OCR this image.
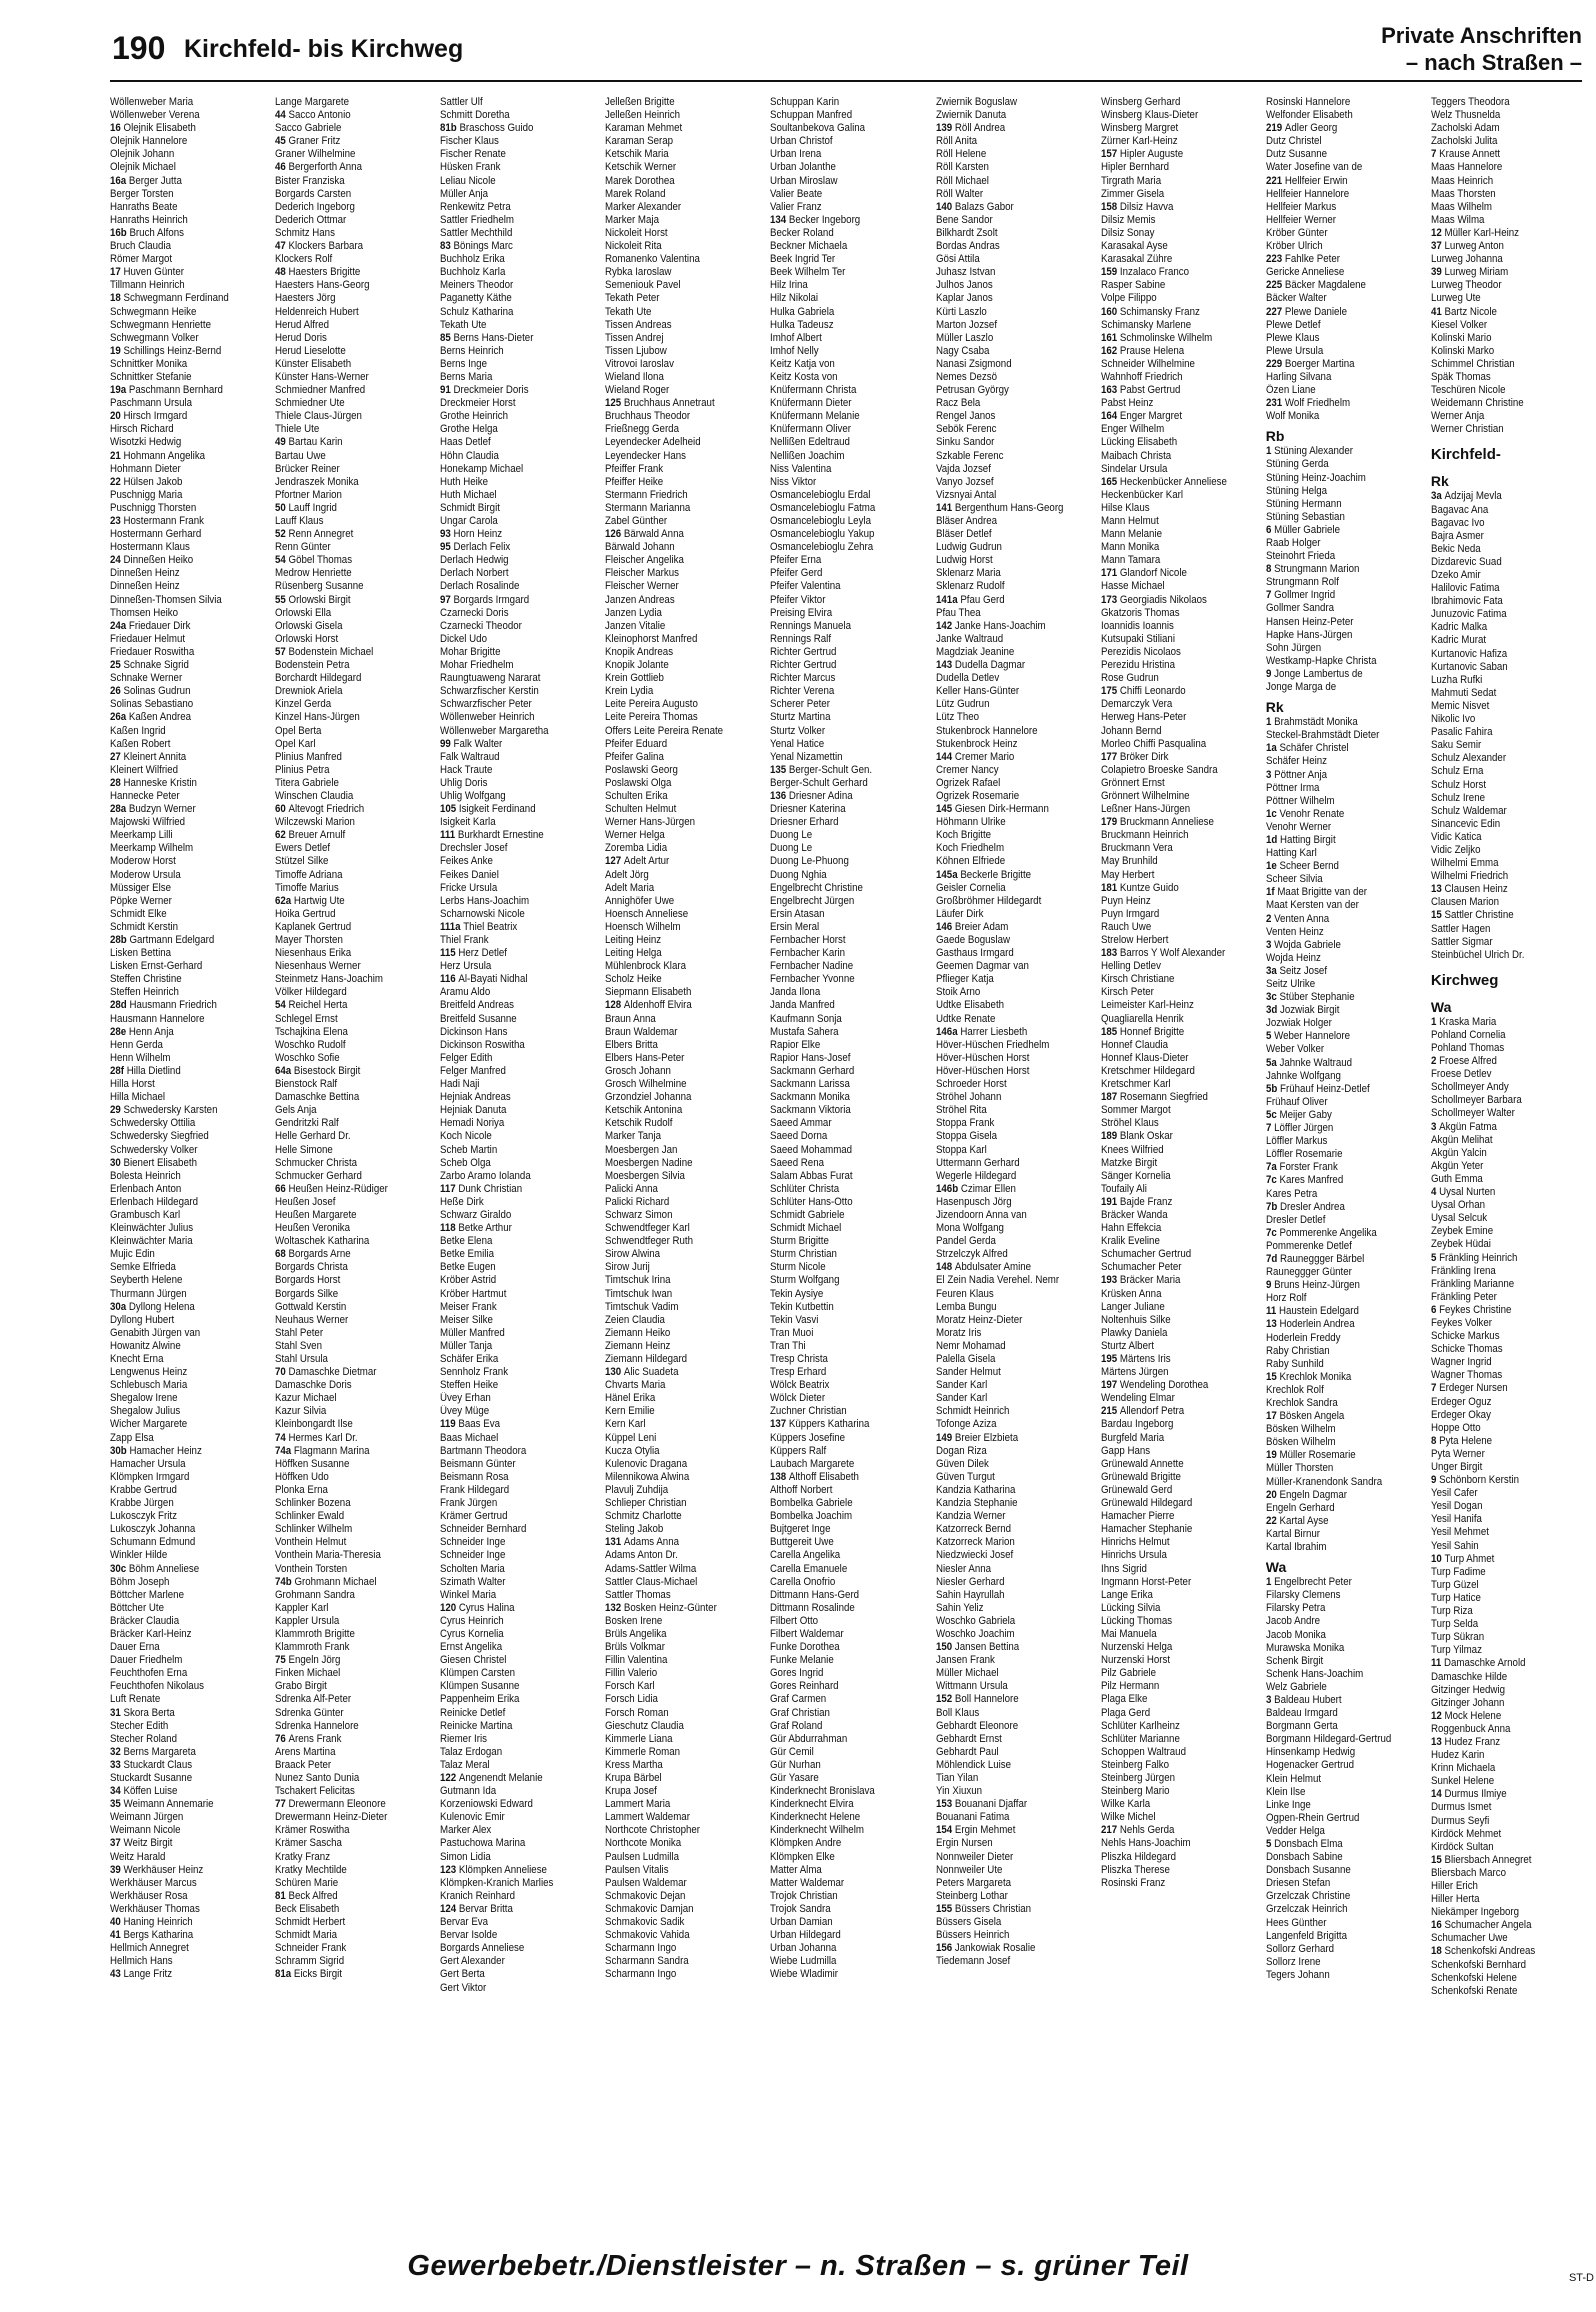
190 Kirchfeld- bis Kirchweg	Private Anschriften
– nach Straßen –
Wöllenweber Maria
Wöllenweber Verena
16 Olejnik Elisabeth
Olejnik Hannelore
Olejnik Johann
Olejnik Michael
16a Berger Jutta
Berger Torsten
Hanraths Beate
Hanraths Heinrich
16b Bruch Alfons
Bruch Claudia
Römer Margot
17 Huven Günter
Tillmann Heinrich
18 Schwegmann Ferdinand
Schwegmann Heike
Schwegmann Henriette
Schwegmann Volker
19 Schillings Heinz-Bernd
Schnittker Monika
Schnittker Stefanie
19a Paschmann Bernhard
Paschmann Ursula
20 Hirsch Irmgard
Hirsch Richard
Wisotzki Hedwig
21 Hohmann Angelika
Hohmann Dieter
22 Hülsen Jakob
Puschnigg Maria
Puschnigg Thorsten
23 Hostermann Frank
Hostermann Gerhard
Hostermann Klaus
24 Dinneßen Heiko
Dinneßen Heinz
Dinneßen Heinz
Dinneßen-Thomsen Silvia
Thomsen Heiko
24a Friedauer Dirk
Friedauer Helmut
Friedauer Roswitha
25 Schnake Sigrid
Schnake Werner
26 Solinas Gudrun
Solinas Sebastiano
26a Kaßen Andrea
Kaßen Ingrid
Kaßen Robert
27 Kleinert Annita
Kleinert Wilfried
28 Hanneske Kristin
Hannecke Peter
28a Budzyn Werner
Majowski Wilfried
Meerkamp Lilli
Meerkamp Wilhelm
Moderow Horst
Moderow Ursula
Müssiger Else
Pöpke Werner
Schmidt Elke
Schmidt Kerstin
28b Gartmann Edelgard
Lisken Bettina
Lisken Ernst-Gerhard
Steffen Christine
Steffen Heinrich
28d Hausmann Friedrich
Hausmann Hannelore
28e Henn Anja
Henn Gerda
Henn Wilhelm
28f Hilla Dietlind
Hilla Horst
Hilla Michael
29 Schwedersky Karsten
Schwedersky Ottilia
Schwedersky Siegfried
Schwedersky Volker
30 Bienert Elisabeth
Bolesta Heinrich
Erlenbach Anton
Erlenbach Hildegard
Grambusch Karl
Kleinwächter Julius
Kleinwächter Maria
Mujic Edin
Semke Elfrieda
Seyberth Helene
Thurmann Jürgen
30a Dyllong Helena
Dyllong Hubert
Genabith Jürgen van
Howanitz Alwine
Knecht Erna
Lengwenus Heinz
Schlebusch Maria
Shegalow Irene
Shegalow Julius
Wicher Margarete
Zapp Elsa
30b Hamacher Heinz
Hamacher Ursula
Klömpken Irmgard
Krabbe Gertrud
Krabbe Jürgen
Lukosczyk Fritz
Lukosczyk Johanna
Schumann Edmund
Winkler Hilde
30c Böhm Anneliese
Böhm Joseph
Böttcher Marlene
Böttcher Ute
Bräcker Claudia
Bräcker Karl-Heinz
Dauer Erna
Dauer Friedhelm
Feuchthofen Erna
Feuchthofen Nikolaus
Luft Renate
31 Skora Berta
Stecher Edith
Stecher Roland
32 Berns Margareta
33 Stuckardt Claus
Stuckardt Susanne
34 Köffen Luise
35 Weimann Annemarie
Weimann Jürgen
Weimann Nicole
37 Weitz Birgit
Weitz Harald
39 Werkhäuser Heinz
Werkhäuser Marcus
Werkhäuser Rosa
Werkhäuser Thomas
40 Haning Heinrich
41 Bergs Katharina
Hellmich Annegret
Hellmich Hans
43 Lange Fritz
Lange Margarete
44 Sacco Antonio
Sacco Gabriele
45 Graner Fritz
Graner Wilhelmine
46 Bergerforth Anna
Bister Franziska
Borgards Carsten
Dederich Ingeborg
Dederich Ottmar
Schmitz Hans
47 Klockers Barbara
Klockers Rolf
48 Haesters Brigitte
Haesters Hans-Georg
Haesters Jörg
Heldenreich Hubert
Herud Alfred
Herud Doris
Herud Lieselotte
Künster Elisabeth
Künster Hans-Werner
Schmiedner Manfred
Schmiedner Ute
Thiele Claus-Jürgen
Thiele Ute
49 Bartau Karin
Bartau Uwe
Brücker Reiner
Jendraszek Monika
Pfortner Marion
50 Lauff Ingrid
Lauff Klaus
52 Renn Annegret
Renn Günter
54 Göbel Thomas
Medrow Henriette
Rüsenberg Susanne
55 Orlowski Birgit
Orlowski Ella
Orlowski Gisela
Orlowski Horst
57 Bodenstein Michael
Bodenstein Petra
Borchardt Hildegard
Drewniok Ariela
Kinzel Gerda
Kinzel Hans-Jürgen
Opel Berta
Opel Karl
Plinius Manfred
Plinius Petra
Titera Gabriele
Winschen Claudia
60 Altevogt Friedrich
Wilczewski Marion
62 Breuer Arnulf
Ewers Detlef
Stützel Silke
Timoffe Adriana
Timoffe Marius
62a Hartwig Ute
Hoika Gertrud
Kaplanek Gertrud
Mayer Thorsten
Niesenhaus Erika
Niesenhaus Werner
Steinmetz Hans-Joachim
Völker Hildegard
54 Reichel Herta
Schlegel Ernst
Tschajkina Elena
Woschko Rudolf
Woschko Sofie
64a Bisestock Birgit
Bienstock Ralf
Damaschke Bettina
Gels Anja
Gendritzki Ralf
Helle Gerhard Dr.
Helle Simone
Schmucker Christa
Schmucker Gerhard
66 Heußen Heinz-Rüdiger
Heußen Josef
Heußen Margarete
Heußen Veronika
Woltaschek Katharina
68 Borgards Arne
Borgards Christa
Borgards Horst
Borgards Silke
Gottwald Kerstin
Neuhaus Werner
Stahl Peter
Stahl Sven
Stahl Ursula
70 Damaschke Dietmar
Damaschke Doris
Kazur Michael
Kazur Silvia
Kleinbongardt Ilse
74 Hermes Karl Dr.
74a Flagmann Marina
Höffken Susanne
Höffken Udo
Plonka Erna
Schlinker Bozena
Schlinker Ewald
Schlinker Wilhelm
Vonthein Helmut
Vonthein Maria-Theresia
Vonthein Torsten
74b Grohmann Michael
Grohmann Sandra
Kappler Karl
Kappler Ursula
Klammroth Brigitte
Klammroth Frank
75 Engeln Jörg
Finken Michael
Grabo Birgit
Sdrenka Alf-Peter
Sdrenka Günter
Sdrenka Hannelore
76 Arens Frank
Arens Martina
Braack Peter
Nunez Santo Dunia
Tschakert Felicitas
77 Drewermann Eleonore
Drewermann Heinz-Dieter
Krämer Roswitha
Krämer Sascha
Kratky Franz
Kratky Mechtilde
Schüren Marie
81 Beck Alfred
Beck Elisabeth
Schmidt Herbert
Schmidt Maria
Schneider Frank
Schramm Sigrid
81a Eicks Birgit
Sattler Ulf
Schmitt Doretha
81b Braschoss Guido
Fischer Klaus
Fischer Renate
Hüsken Frank
Leliau Nicole
Müller Anja
Renkewitz Petra
Sattler Friedhelm
Sattler Mechthild
83 Bönings Marc
Buchholz Erika
Buchholz Karla
Meiners Theodor
Paganetty Käthe
Schulz Katharina
Tekath Ute
85 Berns Hans-Dieter
Berns Heinrich
Berns Inge
Berns Maria
91 Dreckmeier Doris
Dreckmeier Horst
Grothe Heinrich
Grothe Helga
Haas Detlef
Höhn Claudia
Honekamp Michael
Huth Heike
Huth Michael
Schmidt Birgit
Ungar Carola
93 Horn Heinz
95 Derlach Felix
Derlach Hedwig
Derlach Norbert
Derlach Rosalinde
97 Borgards Irmgard
Czarnecki Doris
Czarnecki Theodor
Dickel Udo
Mohar Brigitte
Mohar Friedhelm
Raungtuaweng Nararat
Schwarzfischer Kerstin
Schwarzfischer Peter
Wöllenweber Heinrich
Wöllenweber Margaretha
99 Falk Walter
Falk Waltraud
Hack Traute
Uhlig Doris
Uhlig Wolfgang
105 Isigkeit Ferdinand
Isigkeit Karla
111 Burkhardt Ernestine
Drechsler Josef
Feikes Anke
Feikes Daniel
Fricke Ursula
Lerbs Hans-Joachim
Scharnowski Nicole
111a Thiel Beatrix
Thiel Frank
115 Herz Detlef
Herz Ursula
116 Al-Bayati Nidhal
Aramu Aldo
Breitfeld Andreas
Breitfeld Susanne
Dickinson Hans
Dickinson Roswitha
Felger Edith
Felger Manfred
Hadi Naji
Hejniak Andreas
Hejniak Danuta
Hemadi Noriya
Koch Nicole
Scheb Martin
Scheb Olga
Zarbo Aramo Iolanda
117 Dunk Christian
Heße Dirk
Schwarz Giraldo
118 Betke Arthur
Betke Elena
Betke Emilia
Betke Eugen
Kröber Astrid
Kröber Hartmut
Meiser Frank
Meiser Silke
Müller Manfred
Müller Tanja
Schäfer Erika
Sennholz Frank
Steffen Heike
Üvey Erhan
Üvey Müge
119 Baas Eva
Baas Michael
Bartmann Theodora
Beismann Günter
Beismann Rosa
Frank Hildegard
Frank Jürgen
Krämer Gertrud
Schneider Bernhard
Schneider Inge
Schneider Inge
Scholten Maria
Szimath Walter
Winkel Maria
120 Cyrus Halina
Cyrus Heinrich
Cyrus Kornelia
Ernst Angelika
Giesen Christel
Klümpen Carsten
Klümpen Susanne
Pappenheim Erika
Reinicke Detlef
Reinicke Martina
Riemer Iris
Talaz Erdogan
Talaz Meral
122 Angenendt Melanie
Gutmann Ida
Korzeniowski Edward
Kulenovic Emir
Marker Alex
Pastuchowa Marina
Simon Lidia
123 Klömpken Anneliese
Klömpken-Kranich Marlies
Kranich Reinhard
124 Bervar Britta
Bervar Eva
Bervar Isolde
Borgards Anneliese
Gert Alexander
Gert Berta
Gert Viktor
Jelleßen Brigitte
Jelleßen Heinrich
Karaman Mehmet
Karaman Serap
Ketschik Maria
Ketschik Werner
Marek Dorothea
Marek Roland
Marker Alexander
Marker Maja
Nickoleit Horst
Nickoleit Rita
Romanenko Valentina
Rybka Iaroslaw
Semeniouk Pavel
Tekath Peter
Tekath Ute
Tissen Andreas
Tissen Andrej
Tissen Ljubow
Vitrovoi Iaroslav
Wieland Ilona
Wieland Roger
125 Bruchhaus Annetraut
Bruchhaus Theodor
Frießnegg Gerda
Leyendecker Adelheid
Leyendecker Hans
Pfeiffer Frank
Pfeiffer Heike
Stermann Friedrich
Stermann Marianna
Zabel Günther
126 Bärwald Anna
Bärwald Johann
Fleischer Angelika
Fleischer Markus
Fleischer Werner
Janzen Andreas
Janzen Lydia
Janzen Vitalie
Kleinophorst Manfred
Knopik Andreas
Knopik Jolante
Krein Gottlieb
Krein Lydia
Leite Pereira Augusto
Leite Pereira Thomas
Offers Leite Pereira Renate
Pfeifer Eduard
Pfeifer Galina
Poslawski Georg
Poslawski Olga
Schulten Erika
Schulten Helmut
Werner Hans-Jürgen
Werner Helga
Zoremba Lidia
127 Adelt Artur
Adelt Jörg
Adelt Maria
Annighöfer Uwe
Hoensch Anneliese
Hoensch Wilhelm
Leiting Heinz
Leiting Helga
Mühlenbrock Klara
Scholz Heike
Siepmann Elisabeth
128 Aldenhoff Elvira
Braun Anna
Braun Waldemar
Elbers Britta
Elbers Hans-Peter
Grosch Johann
Grosch Wilhelmine
Grzondziel Johanna
Ketschik Antonina
Ketschik Rudolf
Marker Tanja
Moesbergen Jan
Moesbergen Nadine
Moesbergen Silvia
Palicki Anna
Palicki Richard
Schwarz Simon
Schwendtfeger Karl
Schwendtfeger Ruth
Sirow Alwina
Sirow Jurij
Timtschuk Irina
Timtschuk Iwan
Timtschuk Vadim
Zeien Claudia
Ziemann Heiko
Ziemann Heinz
Ziemann Hildegard
130 Alic Suadeta
Chvarts Maria
Hänel Erika
Kern Emilie
Kern Karl
Küppel Leni
Kucza Otylia
Kulenovic Dragana
Milennikowa Alwina
Plavulj Zuhdija
Schlieper Christian
Schmitz Charlotte
Steling Jakob
131 Adams Anna
Adams Anton Dr.
Adams-Sattler Wilma
Sattler Claus-Michael
Sattler Thomas
132 Bosken Heinz-Günter
Bosken Irene
Brüls Angelika
Brüls Volkmar
Fillin Valentina
Fillin Valerio
Forsch Karl
Forsch Lidia
Forsch Roman
Gieschutz Claudia
Kimmerle Liana
Kimmerle Roman
Kress Martha
Krupa Bärbel
Krupa Josef
Lammert Maria
Lammert Waldemar
Northcote Christopher
Northcote Monika
Paulsen Ludmilla
Paulsen Vitalis
Paulsen Waldemar
Schmakovic Dejan
Schmakovic Damjan
Schmakovic Sadik
Schmakovic Vahida
Scharmann Ingo
Scharmann Sandra
Scharmann Ingo
Schuppan Karin
Schuppan Manfred
Soultanbekova Galina
Urban Christof
Urban Irena
Urban Jolanthe
Urban Miroslaw
Valier Beate
Valier Franz
134 Becker Ingeborg
Becker Roland
Beckner Michaela
Beek Ingrid Ter
Beek Wilhelm Ter
Hilz Irina
Hilz Nikolai
Hulka Gabriela
Hulka Tadeusz
Imhof Albert
Imhof Nelly
Keitz Katja von
Keitz Kosta von
Knüfermann Christa
Knüfermann Dieter
Knüfermann Melanie
Knüfermann Oliver
Nellißen Edeltraud
Nellißen Joachim
Niss Valentina
Niss Viktor
Osmancelebioglu Erdal
Osmancelebioglu Fatma
Osmancelebioglu Leyla
Osmancelebioglu Yakup
Osmancelebioglu Zehra
Pfeifer Erna
Pfeifer Gerd
Pfeifer Valentina
Pfeifer Viktor
Preising Elvira
Rennings Manuela
Rennings Ralf
Richter Gertrud
Richter Gertrud
Richter Marcus
Richter Verena
Scherer Peter
Sturtz Martina
Sturtz Volker
Yenal Hatice
Yenal Nizamettin
135 Berger-Schult Gen.
Berger-Schult Gerhard
136 Driesner Adina
Driesner Katerina
Driesner Erhard
Duong Le
Duong Le
Duong Le-Phuong
Duong Nghia
Engelbrecht Christine
Engelbrecht Jürgen
Ersin Atasan
Ersin Meral
Fernbacher Horst
Fernbacher Karin
Fernbacher Nadine
Fernbacher Yvonne
Janda Ilona
Janda Manfred
Kaufmann Sonja
Mustafa Sahera
Rapior Elke
Rapior Hans-Josef
Sackmann Gerhard
Sackmann Larissa
Sackmann Monika
Sackmann Viktoria
Saeed Ammar
Saeed Dorna
Saeed Mohammad
Saeed Rena
Salam Abbas Furat
Schlüter Christa
Schlüter Hans-Otto
Schmidt Gabriele
Schmidt Michael
Sturm Brigitte
Sturm Christian
Sturm Nicole
Sturm Wolfgang
Tekin Aysiye
Tekin Kutbettin
Tekin Vasvi
Tran Muoi
Tran Thi
Tresp Christa
Tresp Erhard
Wölck Beatrix
Wölck Dieter
Zuchner Christian
137 Küppers Katharina
Küppers Josefine
Küppers Ralf
Laubach Margarete
138 Althoff Elisabeth
Althoff Norbert
Bombelka Gabriele
Bombelka Joachim
Bujtgeret Inge
Buttgereit Uwe
Carella Angelika
Carella Emanuele
Carella Onofrio
Dittmann Hans-Gerd
Dittmann Rosalinde
Filbert Otto
Filbert Waldemar
Funke Dorothea
Funke Melanie
Gores Ingrid
Gores Reinhard
Graf Carmen
Graf Christian
Graf Roland
Gür Abdurrahman
Gür Cemil
Gür Nurhan
Gür Yasare
Kinderknecht Bronislava
Kinderknecht Elvira
Kinderknecht Helene
Kinderknecht Wilhelm
Klömpken Andre
Klömpken Elke
Matter Alma
Matter Waldemar
Trojok Christian
Trojok Sandra
Urban Damian
Urban Hildegard
Urban Johanna
Wiebe Ludmilla
Wiebe Wladimir
Zwiernik Boguslaw
Zwiernik Danuta
139 Röll Andrea
Röll Anita
Röll Helene
Röll Karsten
Röll Michael
Röll Walter
140 Balazs Gabor
Bene Sandor
Bilkhardt Zsolt
Bordas Andras
Gösi Attila
Juhasz Istvan
Julhos Janos
Kaplar Janos
Kürti Laszlo
Marton Jozsef
Müller Laszlo
Nagy Csaba
Nanasi Zsigmond
Nemes Dezsö
Petrusan György
Racz Bela
Rengel Janos
Sebök Ferenc
Sinku Sandor
Szkable Ferenc
Vajda Jozsef
Vanyo Jozsef
Vizsnyai Antal
141 Bergenthum Hans-Georg
Bläser Andrea
Bläser Detlef
Ludwig Gudrun
Ludwig Horst
Sklenarz Maria
Sklenarz Rudolf
141a Pfau Gerd
Pfau Thea
142 Janke Hans-Joachim
Janke Waltraud
Magdziak Jeanine
143 Dudella Dagmar
Dudella Detlev
Keller Hans-Günter
Lütz Gudrun
Lütz Theo
Stukenbrock Hannelore
Stukenbrock Heinz
144 Cremer Mario
Cremer Nancy
Ogrizek Rafael
Ogrizek Rosemarie
145 Giesen Dirk-Hermann
Höhmann Ulrike
Koch Brigitte
Koch Friedhelm
Köhnen Elfriede
145a Beckerle Brigitte
Geisler Cornelia
Großbröhmer Hildegardt
Läufer Dirk
146 Breier Adam
Gaede Boguslaw
Gasthaus Irmgard
Geemen Dagmar van
Pflieger Katja
Stoik Arno
Udtke Elisabeth
Udtke Renate
146a Harrer Liesbeth
Höver-Hüschen Friedhelm
Höver-Hüschen Horst
Höver-Hüschen Horst
Schroeder Horst
Ströhel Johann
Ströhel Rita
Stoppa Frank
Stoppa Gisela
Stoppa Karl
Uttermann Gerhard
Wegerle Hildegard
146b Czimar Ellen
Hasenpusch Jörg
Jizendoorn Anna van
Mona Wolfgang
Pandel Gerda
Strzelczyk Alfred
148 Abdulsater Amine
El Zein Nadia Verehel. Nemr
Feuren Klaus
Lemba Bungu
Moratz Heinz-Dieter
Moratz Iris
Nemr Mohamad
Palella Gisela
Sander Helmut
Sander Karl
Sander Karl
Schmidt Heinrich
Tofonge Aziza
149 Breier Elzbieta
Dogan Riza
Güven Dilek
Güven Turgut
Kandzia Katharina
Kandzia Stephanie
Kandzia Werner
Katzorreck Bernd
Katzorreck Marion
Niedzwiecki Josef
Niesler Anna
Niesler Gerhard
Sahin Hayrullah
Sahin Yeliz
Woschko Gabriela
Woschko Joachim
150 Jansen Bettina
Jansen Frank
Müller Michael
Wittmann Ursula
152 Boll Hannelore
Boll Klaus
Gebhardt Eleonore
Gebhardt Ernst
Gebhardt Paul
Möhlendick Luise
Tian Yilan
Yin Xiuxun
153 Bouanani Djaffar
Bouanani Fatima
154 Ergin Mehmet
Ergin Nursen
Nonnweiler Dieter
Nonnweiler Ute
Peters Margareta
Steinberg Lothar
155 Büssers Christian
Büssers Gisela
Büssers Heinrich
156 Jankowiak Rosalie
Tiedemann Josef
Winsberg Gerhard
Winsberg Klaus-Dieter
Winsberg Margret
Zürner Karl-Heinz
157 Hipler Auguste
Hipler Bernhard
Tirgrath Maria
Zimmer Gisela
158 Dilsiz Havva
Dilsiz Memis
Dilsiz Sonay
Karasakal Ayse
Karasakal Zühre
159 Inzalaco Franco
Rasper Sabine
Volpe Filippo
160 Schimansky Franz
Schimansky Marlene
161 Schmolinske Wilhelm
162 Prause Helena
Schneider Wilhelmine
Wahnhoff Friedrich
163 Pabst Gertrud
Pabst Heinz
164 Enger Margret
Enger Wilhelm
Lücking Elisabeth
Maibach Christa
Sindelar Ursula
165 Heckenbücker Anneliese
Heckenbücker Karl
Hilse Klaus
Mann Helmut
Mann Melanie
Mann Monika
Mann Tamara
171 Glandorf Nicole
Hasse Michael
173 Georgiadis Nikolaos
Gkatzoris Thomas
Ioannidis Ioannis
Kutsupaki Stiliani
Perezidis Nicolaos
Perezidu Hristina
Rose Gudrun
175 Chiffi Leonardo
Demarczyk Vera
Herweg Hans-Peter
Johann Bernd
Morleo Chiffi Pasqualina
177 Bröker Dirk
Colapietro Broeske Sandra
Grönnert Ernst
Grönnert Wilhelmine
Leßner Hans-Jürgen
179 Bruckmann Anneliese
Bruckmann Heinrich
Bruckmann Vera
May Brunhild
May Herbert
181 Kuntze Guido
Puyn Heinz
Puyn Irmgard
Rauch Uwe
Strelow Herbert
183 Barros Y Wolf Alexander
Helling Detlev
Kirsch Christiane
Kirsch Peter
Leimeister Karl-Heinz
Quagliarella Henrik
185 Honnef Brigitte
Honnef Claudia
Honnef Klaus-Dieter
Kretschmer Hildegard
Kretschmer Karl
187 Rosemann Siegfried
Sommer Margot
Ströhel Klaus
189 Blank Oskar
Knees Wilfried
Matzke Birgit
Sänger Kornelia
Toufaily Ali
191 Bajde Franz
Bräcker Wanda
Hahn Effekcia
Kralik Eveline
Schumacher Gertrud
Schumacher Peter
193 Bräcker Maria
Krüsken Anna
Langer Juliane
Noltenhuis Silke
Plawky Daniela
Sturtz Albert
195 Märtens Iris
Märtens Jürgen
197 Wendeling Dorothea
Wendeling Elmar
215 Allendorf Petra
Bardau Ingeborg
Burgfeld Maria
Gapp Hans
Grünewald Annette
Grünewald Brigitte
Grünewald Gerd
Grünewald Hildegard
Hamacher Pierre
Hamacher Stephanie
Hinrichs Helmut
Hinrichs Ursula
Ihns Sigrid
Ingmann Horst-Peter
Lange Erika
Lücking Silvia
Lücking Thomas
Mai Manuela
Nurzenski Helga
Nurzenski Horst
Pilz Gabriele
Pilz Hermann
Plaga Elke
Plaga Gerd
Schlüter Karlheinz
Schlüter Marianne
Schoppen Waltraud
Steinberg Falko
Steinberg Jürgen
Steinberg Mario
Wilke Karla
Wilke Michel
217 Nehls Gerda
Nehls Hans-Joachim
Pliszka Hildegard
Pliszka Therese
Rosinski Franz
Rosinski Hannelore
Welfonder Elisabeth
219 Adler Georg
Dutz Christel
Dutz Susanne
Water Josefine van de
221 Hellfeier Erwin
Hellfeier Hannelore
Hellfeier Markus
Hellfeier Werner
Kröber Günter
Kröber Ulrich
223 Fahlke Peter
Gericke Anneliese
225 Bäcker Magdalene
Bäcker Walter
227 Plewe Daniele
Plewe Detlef
Plewe Klaus
Plewe Ursula
229 Boerger Martina
Harling Silvana
Özen Liane
231 Wolf Friedhelm
Wolf Monika
Rb
1 Stüning Alexander
Stüning Gerda
Stüning Heinz-Joachim
Stüning Helga
Stüning Hermann
Stüning Sebastian
6 Müller Gabriele
Raab Holger
Steinohrt Frieda
8 Strungmann Marion
Strungmann Rolf
7 Gollmer Ingrid
Gollmer Sandra
Hansen Heinz-Peter
Hapke Hans-Jürgen
Sohn Jürgen
Westkamp-Hapke Christa
9 Jonge Lambertus de
Jonge Marga de
Rk
1 Brahmstädt Monika
Steckel-Brahmstädt Dieter
1a Schäfer Christel
Schäfer Heinz
3 Pöttner Anja
Pöttner Irma
Pöttner Wilhelm
1c Venohr Renate
Venohr Werner
1d Hatting Birgit
Hatting Karl
1e Scheer Bernd
Scheer Silvia
1f Maat Brigitte van der
Maat Kersten van der
2 Venten Anna
Venten Heinz
3 Wojda Gabriele
Wojda Heinz
3a Seitz Josef
Seitz Ulrike
3c Stüber Stephanie
3d Jozwiak Birgit
Jozwiak Holger
5 Weber Hannelore
Weber Volker
5a Jahnke Waltraud
Jahnke Wolfgang
5b Frühauf Heinz-Detlef
Frühauf Oliver
5c Meijer Gaby
7 Löffler Jürgen
Löffler Markus
Löffler Rosemarie
7a Forster Frank
7c Kares Manfred
Kares Petra
7b Dresler Andrea
Dresler Detlef
7c Pommerenke Angelika
Pommerenke Detlef
7d Rauneggger Bärbel
Rauneggger Günter
9 Bruns Heinz-Jürgen
Horz Rolf
11 Haustein Edelgard
13 Hoderlein Andrea
Hoderlein Freddy
Raby Christian
Raby Sunhild
15 Krechlok Monika
Krechlok Rolf
Krechlok Sandra
17 Bösken Angela
Bösken Wilhelm
Bösken Wilhelm
19 Müller Rosemarie
Müller Thorsten
Müller-Kranendonk Sandra
20 Engeln Dagmar
Engeln Gerhard
22 Kartal Ayse
Kartal Birnur
Kartal Ibrahim
Wa
1 Engelbrecht Peter
Filarsky Clemens
Filarsky Petra
Jacob Andre
Jacob Monika
Murawska Monika
Schenk Birgit
Schenk Hans-Joachim
Welz Gabriele
3 Baldeau Hubert
Baldeau Irmgard
Borgmann Gerta
Borgmann Hildegard-Gertrud
Hinsenkamp Hedwig
Hogenacker Gertrud
Klein Helmut
Klein Ilse
Linke Inge
Ogpen-Rhein Gertrud
Vedder Helga
5 Donsbach Elma
Donsbach Sabine
Donsbach Susanne
Driesen Stefan
Grzelczak Christine
Grzelczak Heinrich
Hees Günther
Langenfeld Brigitta
Sollorz Gerhard
Sollorz Irene
Tegers Johann
Teggers Theodora
Welz Thusnelda
Zacholski Adam
Zacholski Julita
7 Krause Annett
Maas Hannelore
Maas Heinrich
Maas Thorsten
Maas Wilhelm
Maas Wilma
12 Müller Karl-Heinz
37 Lurweg Anton
Lurweg Johanna
39 Lurweg Miriam
Lurweg Theodor
Lurweg Ute
41 Bartz Nicole
Kiesel Volker
Kolinski Mario
Kolinski Marko
Schimmel Christian
Späk Thomas
Teschüren Nicole
Weidemann Christine
Werner Anja
Werner Christian
Kirchfeld-
Rk
3a Adzijaj Mevla
Bagavac Ana
Bagavac Ivo
Bajra Asmer
Bekic Neda
Dizdarevic Suad
Dzeko Amir
Halilovic Fatima
Ibrahimovic Fata
Junuzovic Fatima
Kadric Malka
Kadric Murat
Kurtanovic Hafiza
Kurtanovic Saban
Luzha Rufki
Mahmuti Sedat
Memic Nisvet
Nikolic Ivo
Pasalic Fahira
Saku Semir
Schulz Alexander
Schulz Erna
Schulz Horst
Schulz Irene
Schulz Waldemar
Sinancevic Edin
Vidic Katica
Vidic Zeljko
Wilhelmi Emma
Wilhelmi Friedrich
13 Clausen Heinz
Clausen Marion
15 Sattler Christine
Sattler Hagen
Sattler Sigmar
Steinbüchel Ulrich Dr.
Kirchweg
Wa
1 Kraska Maria
Pohland Cornelia
Pohland Thomas
2 Froese Alfred
Froese Detlev
Schollmeyer Andy
Schollmeyer Barbara
Schollmeyer Walter
3 Akgün Fatma
Akgün Melihat
Akgün Yalcin
Akgün Yeter
Guth Emma
4 Uysal Nurten
Uysal Orhan
Uysal Selcuk
Zeybek Emine
Zeybek Hüdai
5 Fränkling Heinrich
Fränkling Irena
Fränkling Marianne
Fränkling Peter
6 Feykes Christine
Feykes Volker
Schicke Markus
Schicke Thomas
Wagner Ingrid
Wagner Thomas
7 Erdeger Nursen
Erdeger Oguz
Erdeger Okay
Hoppe Otto
8 Pyta Helene
Pyta Werner
Unger Birgit
9 Schönborn Kerstin
Yesil Cafer
Yesil Dogan
Yesil Hanifa
Yesil Mehmet
Yesil Sahin
10 Turp Ahmet
Turp Fadime
Turp Güzel
Turp Hatice
Turp Riza
Turp Selda
Turp Sükran
Turp Yilmaz
11 Damaschke Arnold
Damaschke Hilde
Gitzinger Hedwig
Gitzinger Johann
12 Mock Helene
Roggenbuck Anna
13 Hudez Franz
Hudez Karin
Krinn Michaela
Sunkel Helene
14 Durmus Ilmiye
Durmus Ismet
Durmus Seyfi
Kirdöck Mehmet
Kirdöck Sultan
15 Bliersbach Annegret
Bliersbach Marco
Hiller Erich
Hiller Herta
Niekämper Ingeborg
16 Schumacher Angela
Schumacher Uwe
18 Schenkofski Andreas
Schenkofski Bernhard
Schenkofski Helene
Schenkofski Renate
Gewerbebetr./Dienstleister – n. Straßen – s. grüner Teil	ST-D
